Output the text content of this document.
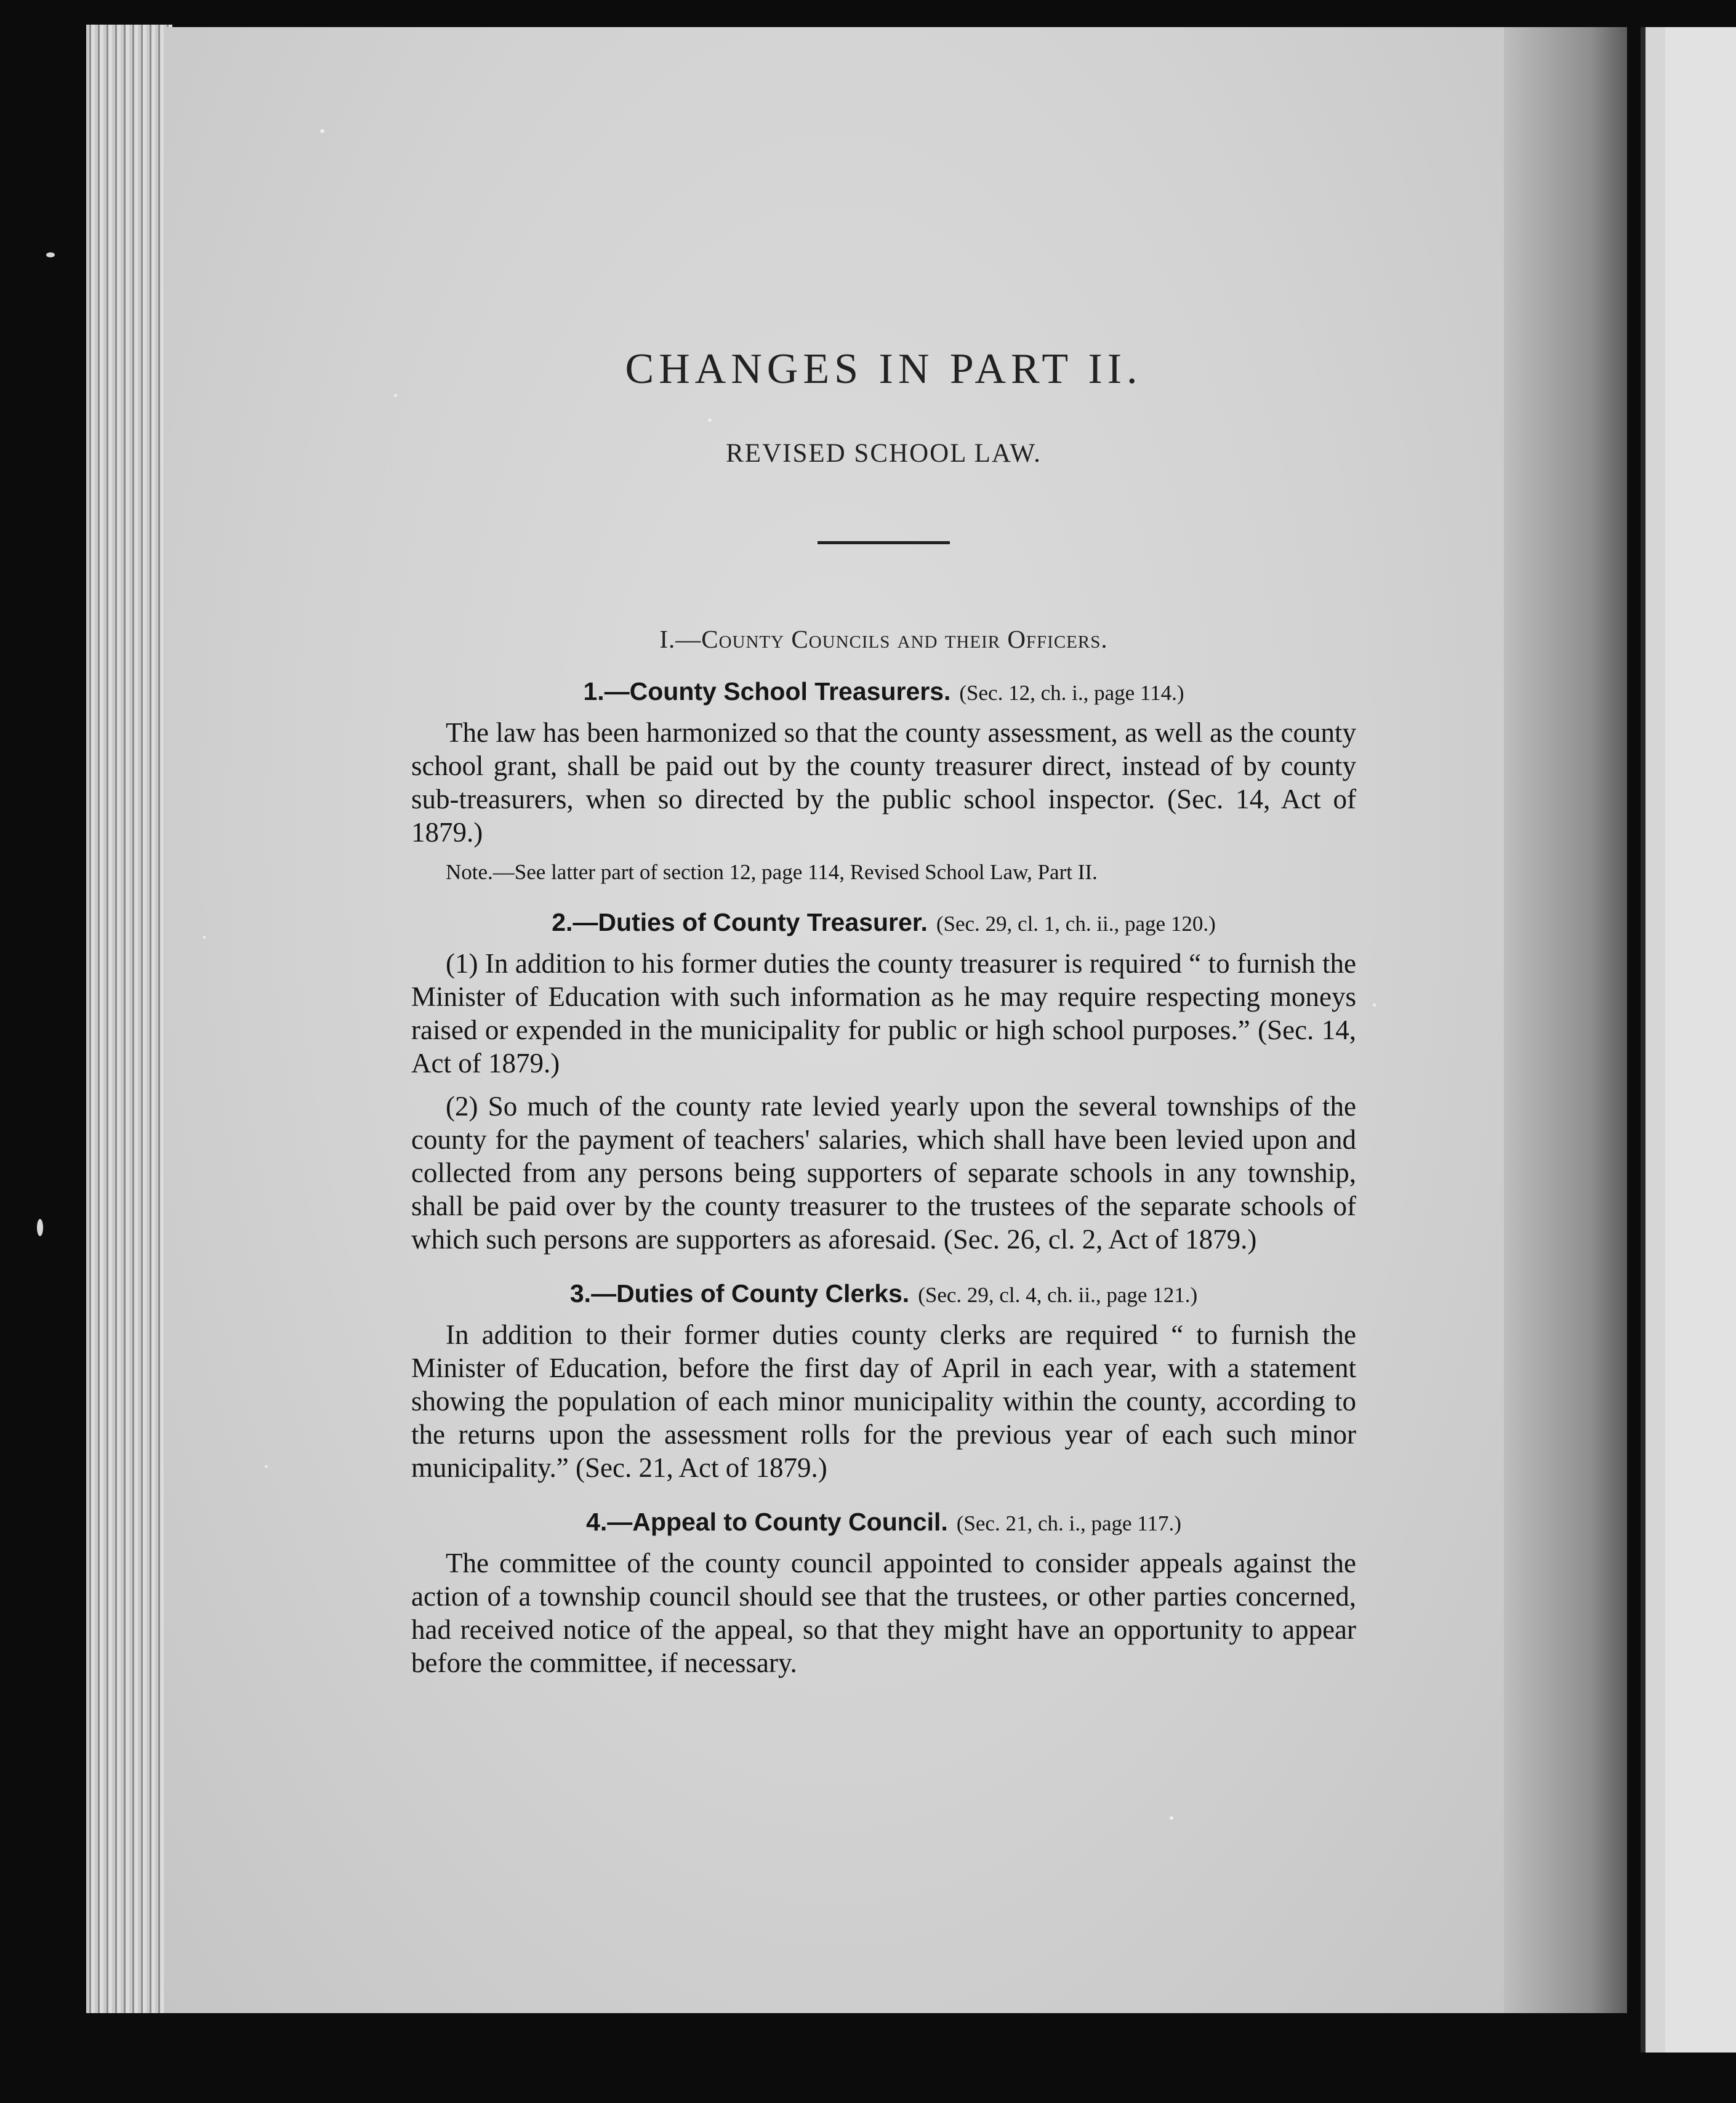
CHANGES IN PART II.
REVISED SCHOOL LAW.
I.—County Councils and their Officers.
1.—County School Treasurers. (Sec. 12, ch. i., page 114.)
The law has been harmonized so that the county assessment, as well as the county school grant, shall be paid out by the county treasurer direct, instead of by county sub-treasurers, when so directed by the public school inspector. (Sec. 14, Act of 1879.)
Note.—See latter part of section 12, page 114, Revised School Law, Part II.
2.—Duties of County Treasurer. (Sec. 29, cl. 1, ch. ii., page 120.)
(1) In addition to his former duties the county treasurer is required “ to furnish the Minister of Education with such information as he may require respecting moneys raised or expended in the municipality for public or high school purposes.” (Sec. 14, Act of 1879.)
(2) So much of the county rate levied yearly upon the several townships of the county for the payment of teachers' salaries, which shall have been levied upon and collected from any persons being supporters of separate schools in any township, shall be paid over by the county treasurer to the trustees of the separate schools of which such persons are supporters as aforesaid. (Sec. 26, cl. 2, Act of 1879.)
3.—Duties of County Clerks. (Sec. 29, cl. 4, ch. ii., page 121.)
In addition to their former duties county clerks are required “ to furnish the Minister of Education, before the first day of April in each year, with a statement showing the population of each minor municipality within the county, according to the returns upon the assessment rolls for the previous year of each such minor municipality.” (Sec. 21, Act of 1879.)
4.—Appeal to County Council. (Sec. 21, ch. i., page 117.)
The committee of the county council appointed to consider appeals against the action of a township council should see that the trustees, or other parties concerned, had received notice of the appeal, so that they might have an opportunity to appear before the committee, if necessary.
